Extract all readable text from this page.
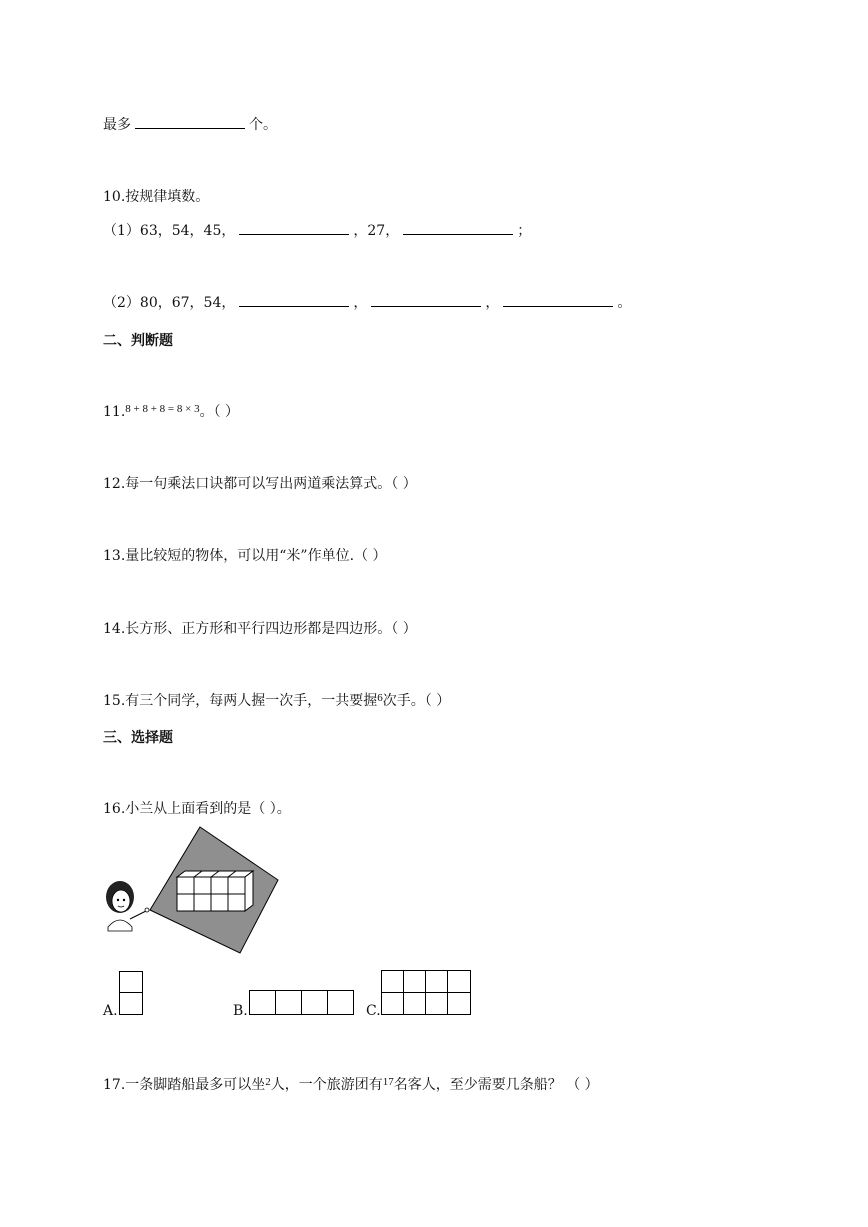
最多	个。
10.按规律填数。
（1）63，54，45，	，27，	；
（2）80，67，54，	，	，	。
二、判断题
11.$^{8 + 8 + 8 = 8 \times 3}$。（ ）
12.每一句乘法口诀都可以写出两道乘法算式。（ ）
13.量比较短的物体，可以用“米”作单位.（ ）
14.长方形、正方形和平行四边形都是四边形。（ ）
15.有三个同学，每两人握一次手，一共要握$^6$次手。（ ）
三、选择题
16.小兰从上面看到的是（ ）。
A.	B.	C.
17.一条脚踏船最多可以坐$^2$人，一个旅游团有$^{17}$名客人，至少需要几条船？ （ ）
